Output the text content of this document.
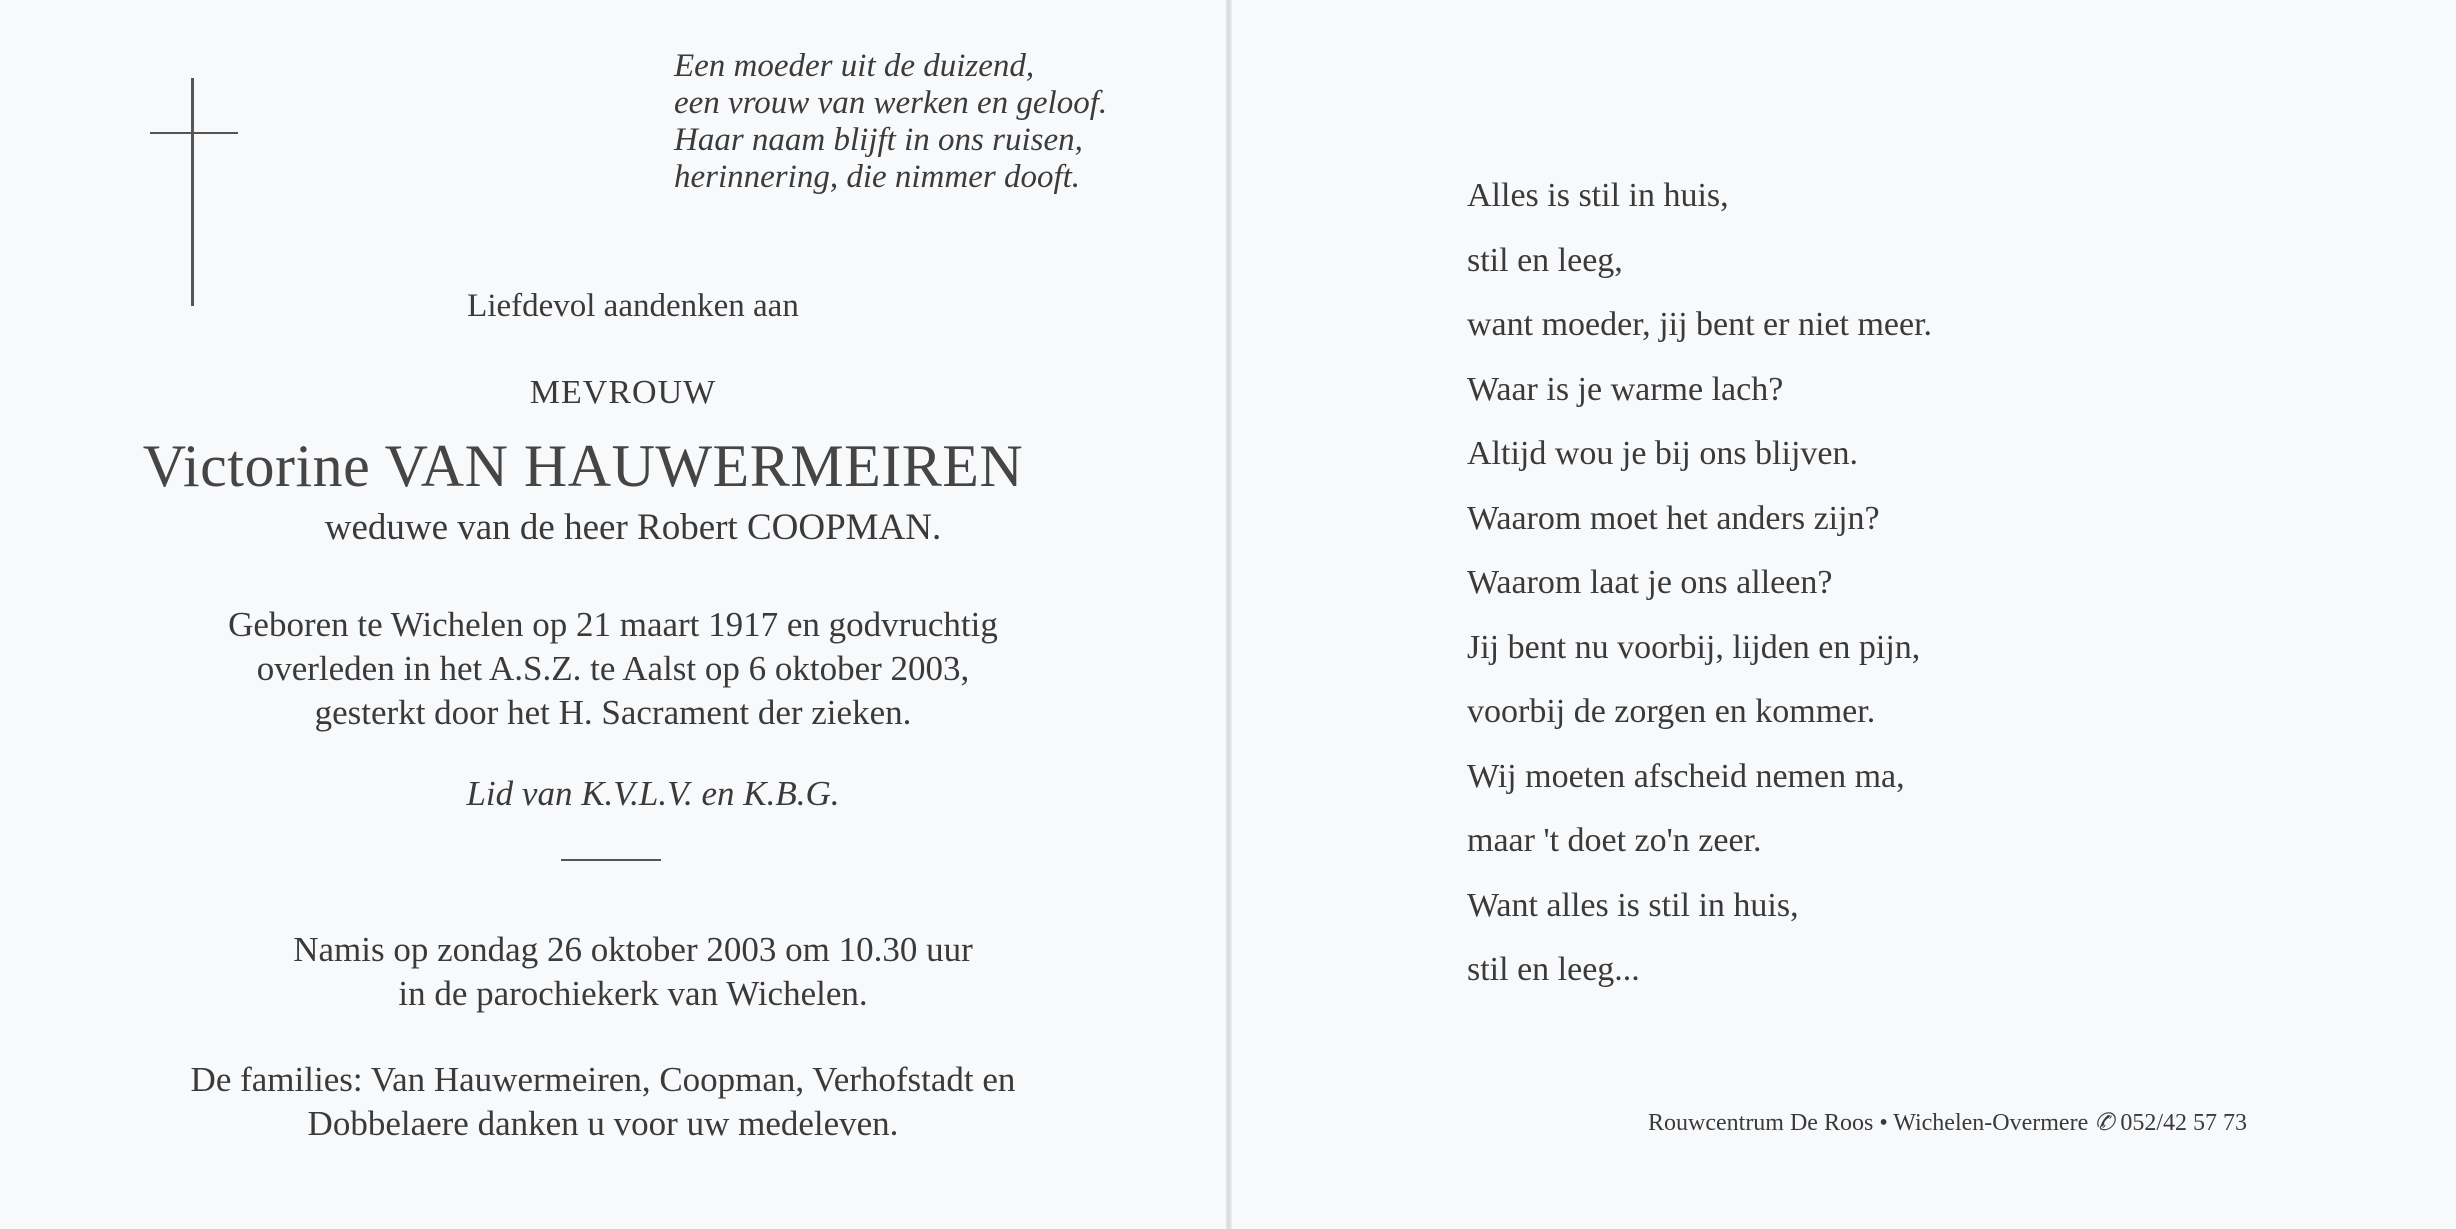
Een moeder uit de duizend,
een vrouw van werken en geloof.
Haar naam blijft in ons ruisen,
herinnering, die nimmer dooft.
Liefdevol aandenken aan
MEVROUW
Victorine VAN HAUWERMEIREN
weduwe van de heer Robert COOPMAN.
Geboren te Wichelen op 21 maart 1917 en godvruchtig
overleden in het A.S.Z. te Aalst op 6 oktober 2003,
gesterkt door het H. Sacrament der zieken.
Lid van K.V.L.V. en K.B.G.
Namis op zondag 26 oktober 2003 om 10.30 uur
in de parochiekerk van Wichelen.
De families: Van Hauwermeiren, Coopman, Verhofstadt en
Dobbelaere danken u voor uw medeleven.
Alles is stil in huis,
stil en leeg,
want moeder, jij bent er niet meer.
Waar is je warme lach?
Altijd wou je bij ons blijven.
Waarom moet het anders zijn?
Waarom laat je ons alleen?
Jij bent nu voorbij, lijden en pijn,
voorbij de zorgen en kommer.
Wij moeten afscheid nemen ma,
maar 't doet zo'n zeer.
Want alles is stil in huis,
stil en leeg...
Rouwcentrum De Roos • Wichelen-Overmere ✆ 052/42 57 73
